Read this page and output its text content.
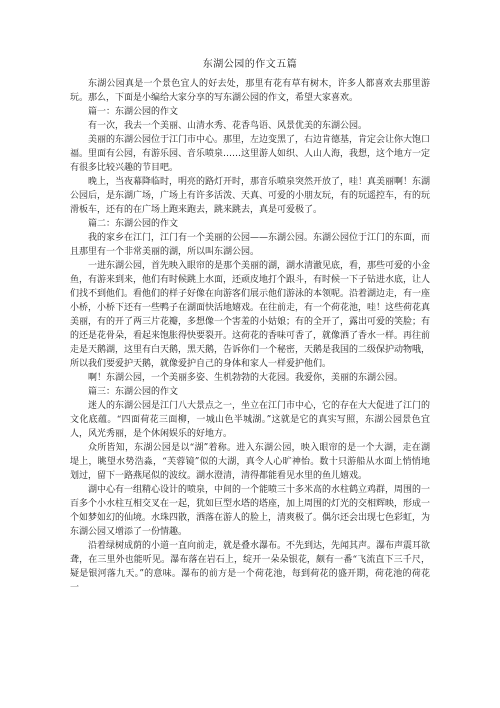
东湖公园的作文五篇

东湖公园真是一个景色宜人的好去处，那里有花有草有树木，许多人都喜欢去那里游玩。那么，下面是小编给大家分享的写东湖公园的作文，希望大家喜欢。

篇一：东湖公园的作文

有一次，我去一个美丽、山清水秀、花香鸟语、风景优美的东湖公园。

美丽的东湖公园位于江门市中心。那里，左边变黑了，右边肯德基，肯定会让你大饱口福。里面有公园，有游乐园、音乐喷泉……这里游人如织、人山人海，我想，这个地方一定有很多比较兴趣的节目吧。

晚上，当夜幕降临时，明亮的路灯开时，那音乐喷泉突然开放了，哇！真美丽啊！东湖公园后，是东湖广场，广场上有许多活泼、天真、可爱的小朋友玩，有的玩遥控车，有的玩滑板车，还有的在广场上跑来跑去，跳来跳去，真是可爱极了。

篇二：东湖公园的作文

我的家乡在江门，江门有一个美丽的公园——东湖公园。东湖公园位于江门的东面，而且那里有一个非常美丽的湖，所以叫东湖公园。

一进东湖公园，首先映入眼帘的是那个美丽的湖，湖水清澈见底，看，那些可爱的小金鱼，有游来到来，他们有时候跳上水面，还顽皮地打个跟斗，有时候一下子钻进水底，让人们找不到他们。看他们的样子好像在向游客们展示他们游泳的本领呢。沿着湖边走，有一座小桥，小桥下还有一些鸭子在湖面快活地嬉戏。在往前走，有一个荷花池，哇！这些荷花真美丽，有的开了两三片花瓣，多想像一个害羞的小姑娘；有的全开了，露出可爱的笑脸；有的还是花骨朵，看起来饱胀得快要裂开。这荷花的香味可香了，就像洒了香水一样。再往前走是天鹅湖，这里有白天鹅，黑天鹅，告诉你们一个秘密，天鹅是我国的二级保护动物哦，所以我们要爱护天鹅，就像爱护自己的身体和家人一样爱护他们。

啊！东湖公园，一个美丽多姿、生机勃勃的大花园。我爱你，美丽的东湖公园。

篇三：东湖公园的作文

迷人的东湖公园是江门八大景点之一，坐立在江门市中心，它的存在大大促进了江门的文化底蕴。“四面荷花三面柳，一城山色半城湖。”这就是它的真实写照，东湖公园景色宜人，风光秀丽，是个休闲娱乐的好地方。

众所皆知，东湖公园是以“湖”着称。进入东湖公园，映入眼帘的是一个大湖，走在湖堤上，眺望水势浩淼，“芙蓉镜”似的大湖，真令人心旷神怡。数十只游船从水面上悄悄地划过，留下一路燕尾似的波纹。湖水澄清，清得都能看见水里的鱼儿嬉戏。

湖中心有一组精心设计的喷泉，中间的一个能喷三十多米高的水柱鹤立鸡群，周围的一百多个小水柱互相交叉在一起，犹如巨型水塔的塔座，加上周围的灯光的交相辉映，形成一个如梦如幻的仙境。水珠四散，洒落在游人的脸上，清爽极了。偶尔还会出现七色彩虹，为东湖公园又增添了一份情趣。

沿着绿树成荫的小道一直向前走，就是叠水瀑布。不先到达，先闻其声。瀑布声震耳欲聋，在三里外也能听见。瀑布落在岩石上，绽开一朵朵银花，颇有一番“飞流直下三千尺，疑是银河落九天。”的意味。瀑布的前方是一个荷花池，每到荷花的盛开期，荷花池的荷花一
